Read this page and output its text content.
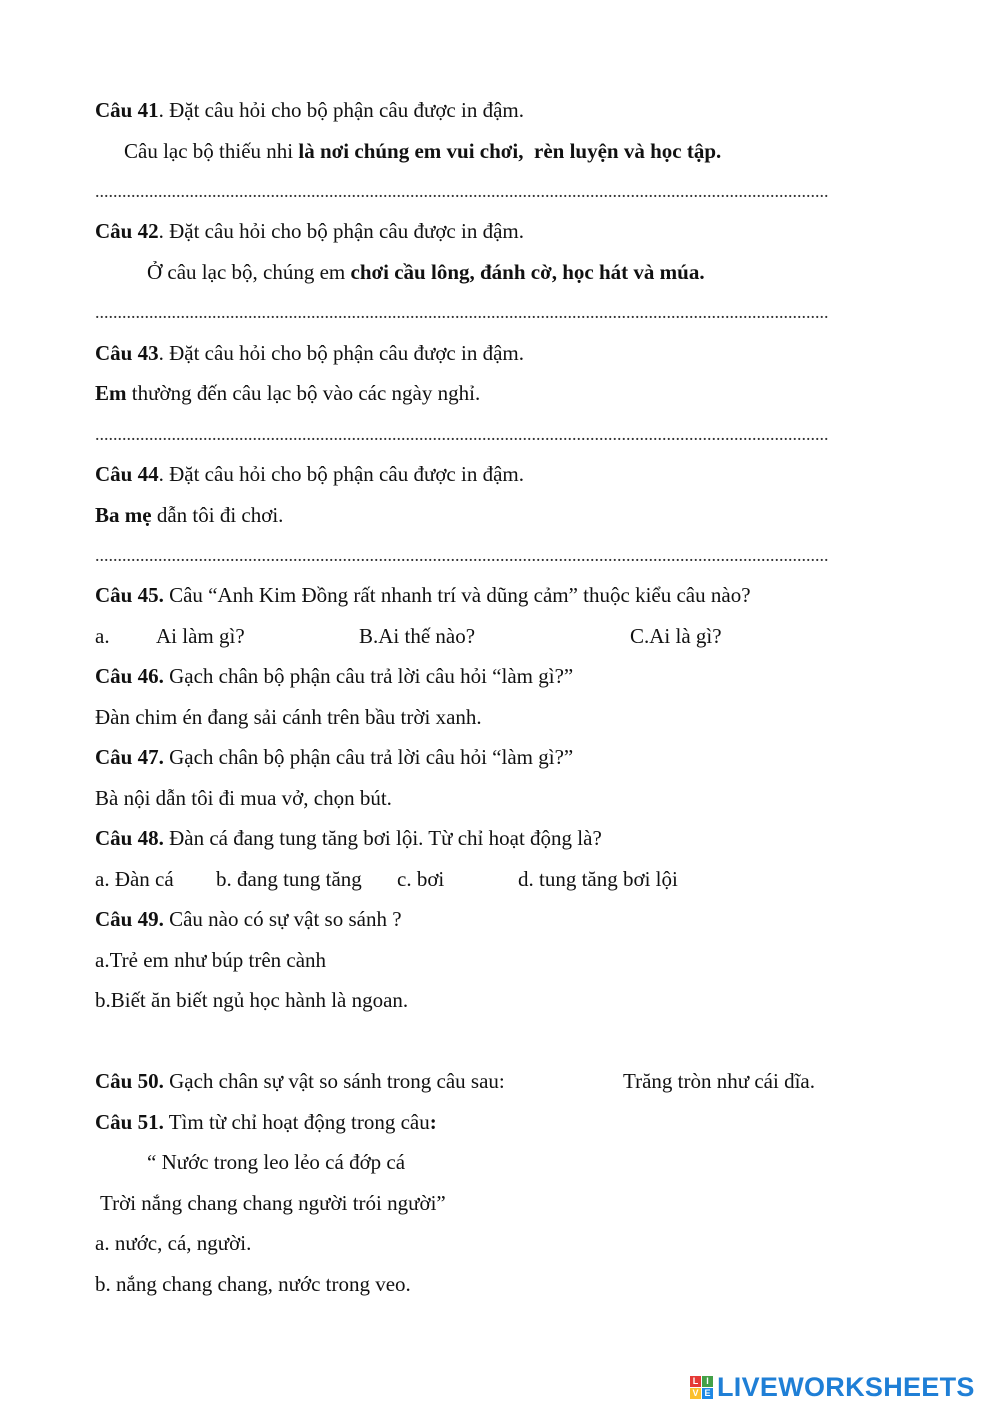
Câu 41. Đặt câu hỏi cho bộ phận câu được in đậm.
Câu lạc bộ thiếu nhi là nơi chúng em vui chơi,  rèn luyện và học tập.
...................................................................................................................................................................
Câu 42. Đặt câu hỏi cho bộ phận câu được in đậm.
Ở câu lạc bộ, chúng em chơi cầu lông, đánh cờ, học hát và múa.
...................................................................................................................................................................
Câu 43. Đặt câu hỏi cho bộ phận câu được in đậm.
Em thường đến câu lạc bộ vào các ngày nghỉ.
...................................................................................................................................................................
Câu 44. Đặt câu hỏi cho bộ phận câu được in đậm.
Ba mẹ dẫn tôi đi chơi.
...................................................................................................................................................................
Câu 45. Câu “Anh Kim Đồng rất nhanh trí và dũng cảm” thuộc kiểu câu nào?
a. Ai làm gì?	B.Ai thế nào?	C.Ai là gì?
Câu 46. Gạch chân bộ phận câu trả lời câu hỏi “làm gì?”
Đàn chim én đang sải cánh trên bầu trời xanh.
Câu 47. Gạch chân bộ phận câu trả lời câu hỏi “làm gì?”
Bà nội dẫn tôi đi mua vở, chọn bút.
Câu 48. Đàn cá đang tung tăng bơi lội. Từ chỉ hoạt động là?
a. Đàn cá b. đang tung tăng c. bơi	d. tung tăng bơi lội
Câu 49. Câu nào có sự vật so sánh ?
a.Trẻ em như búp trên cành
b.Biết ăn biết ngủ học hành là ngoan.
Câu 50. Gạch chân sự vật so sánh trong câu sau:	Trăng tròn như cái dĩa.
Câu 51. Tìm từ chỉ hoạt động trong câu:
“ Nước trong leo lẻo cá đớp cá
Trời nắng chang chang người trói người”
a. nước, cá, người.
b. nắng chang chang, nước trong veo.
L I
V E LIVEWORKSHEETS
